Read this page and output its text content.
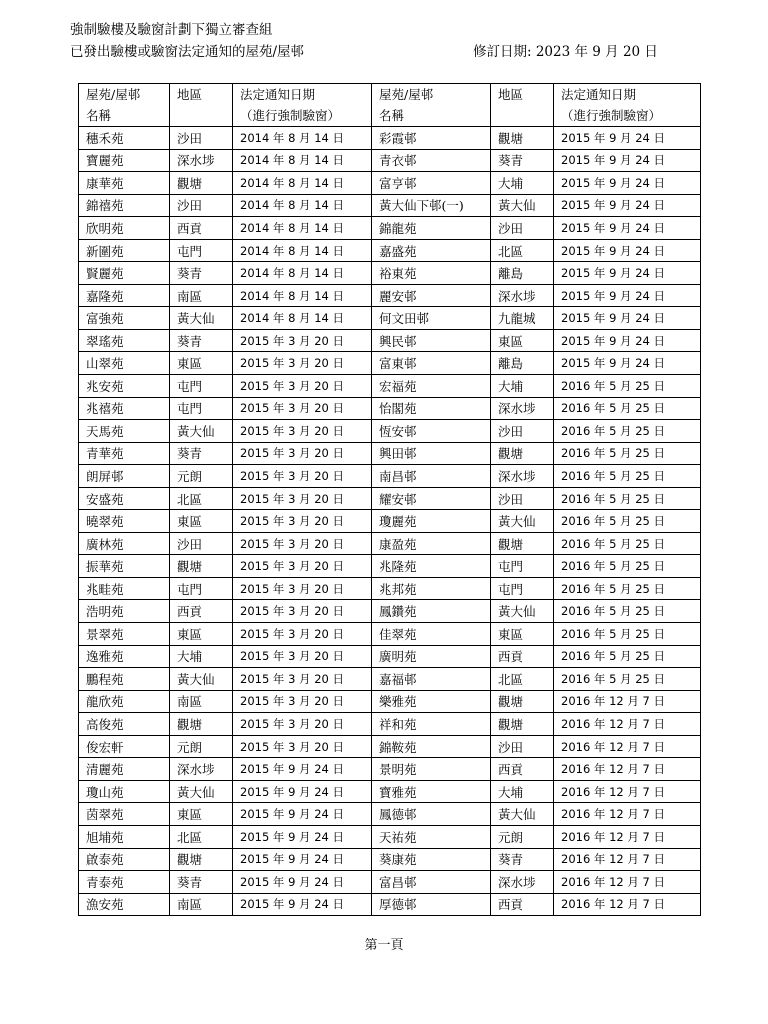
強制驗樓及驗窗計劃下獨立審查組
已發出驗樓或驗窗法定通知的屋苑/屋邨	修訂日期: 2023 年 9 月 20 日
屋苑/屋邨	地區	法定通知日期	屋苑/屋邨	地區	法定通知日期
名稱		（進行強制驗窗）	名稱		（進行強制驗窗）
穗禾苑	沙田	2014 年 8 月 14 日	彩霞邨	觀塘	2015 年 9 月 24 日
寶麗苑	深水埗	2014 年 8 月 14 日	青衣邨	葵青	2015 年 9 月 24 日
康華苑	觀塘	2014 年 8 月 14 日	富亨邨	大埔	2015 年 9 月 24 日
錦禧苑	沙田	2014 年 8 月 14 日	黃大仙下邨(一)	黃大仙	2015 年 9 月 24 日
欣明苑	西貢	2014 年 8 月 14 日	錦龍苑	沙田	2015 年 9 月 24 日
新圍苑	屯門	2014 年 8 月 14 日	嘉盛苑	北區	2015 年 9 月 24 日
賢麗苑	葵青	2014 年 8 月 14 日	裕東苑	離島	2015 年 9 月 24 日
嘉隆苑	南區	2014 年 8 月 14 日	麗安邨	深水埗	2015 年 9 月 24 日
富強苑	黃大仙	2014 年 8 月 14 日	何文田邨	九龍城	2015 年 9 月 24 日
翠瑤苑	葵青	2015 年 3 月 20 日	興民邨	東區	2015 年 9 月 24 日
山翠苑	東區	2015 年 3 月 20 日	富東邨	離島	2015 年 9 月 24 日
兆安苑	屯門	2015 年 3 月 20 日	宏福苑	大埔	2016 年 5 月 25 日
兆禧苑	屯門	2015 年 3 月 20 日	怡閣苑	深水埗	2016 年 5 月 25 日
天馬苑	黃大仙	2015 年 3 月 20 日	恆安邨	沙田	2016 年 5 月 25 日
青華苑	葵青	2015 年 3 月 20 日	興田邨	觀塘	2016 年 5 月 25 日
朗屏邨	元朗	2015 年 3 月 20 日	南昌邨	深水埗	2016 年 5 月 25 日
安盛苑	北區	2015 年 3 月 20 日	耀安邨	沙田	2016 年 5 月 25 日
曉翠苑	東區	2015 年 3 月 20 日	瓊麗苑	黃大仙	2016 年 5 月 25 日
廣林苑	沙田	2015 年 3 月 20 日	康盈苑	觀塘	2016 年 5 月 25 日
振華苑	觀塘	2015 年 3 月 20 日	兆隆苑	屯門	2016 年 5 月 25 日
兆畦苑	屯門	2015 年 3 月 20 日	兆邦苑	屯門	2016 年 5 月 25 日
浩明苑	西貢	2015 年 3 月 20 日	鳳鑽苑	黃大仙	2016 年 5 月 25 日
景翠苑	東區	2015 年 3 月 20 日	佳翠苑	東區	2016 年 5 月 25 日
逸雅苑	大埔	2015 年 3 月 20 日	廣明苑	西貢	2016 年 5 月 25 日
鵬程苑	黃大仙	2015 年 3 月 20 日	嘉福邨	北區	2016 年 5 月 25 日
龍欣苑	南區	2015 年 3 月 20 日	樂雅苑	觀塘	2016 年 12 月 7 日
高俊苑	觀塘	2015 年 3 月 20 日	祥和苑	觀塘	2016 年 12 月 7 日
俊宏軒	元朗	2015 年 3 月 20 日	錦鞍苑	沙田	2016 年 12 月 7 日
清麗苑	深水埗	2015 年 9 月 24 日	景明苑	西貢	2016 年 12 月 7 日
瓊山苑	黃大仙	2015 年 9 月 24 日	寶雅苑	大埔	2016 年 12 月 7 日
茵翠苑	東區	2015 年 9 月 24 日	鳳德邨	黃大仙	2016 年 12 月 7 日
旭埔苑	北區	2015 年 9 月 24 日	天祐苑	元朗	2016 年 12 月 7 日
啟泰苑	觀塘	2015 年 9 月 24 日	葵康苑	葵青	2016 年 12 月 7 日
青泰苑	葵青	2015 年 9 月 24 日	富昌邨	深水埗	2016 年 12 月 7 日
漁安苑	南區	2015 年 9 月 24 日	厚德邨	西貢	2016 年 12 月 7 日
第一頁
